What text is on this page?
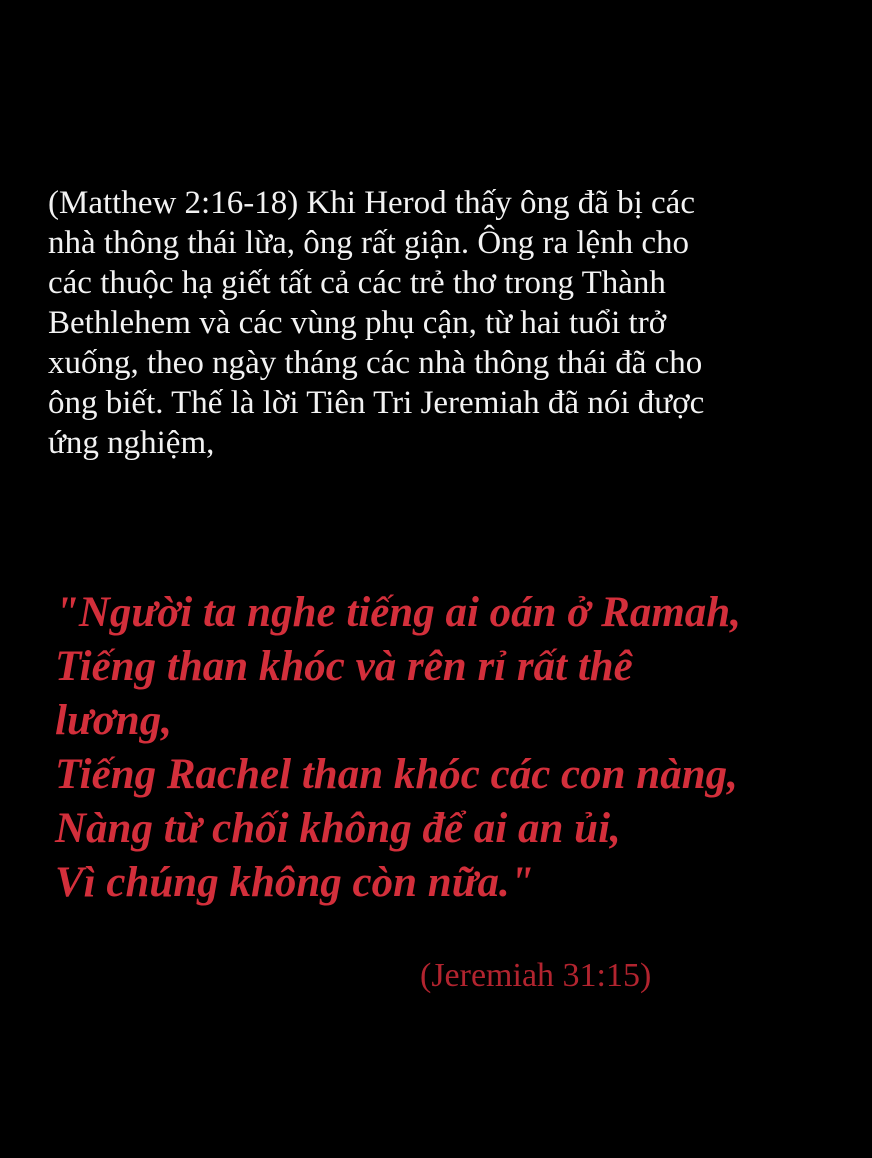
(Matthew 2:16-18) Khi Herod thấy ông đã bị các
nhà thông thái lừa, ông rất giận. Ông ra lệnh cho
các thuộc hạ giết tất cả các trẻ thơ trong Thành
Bethlehem và các vùng phụ cận, từ hai tuổi trở
xuống, theo ngày tháng các nhà thông thái đã cho
ông biết. Thế là lời Tiên Tri Jeremiah đã nói được
ứng nghiệm,
"Người ta nghe tiếng ai oán ở Ramah,
Tiếng than khóc và rên rỉ rất thê
lương,
Tiếng Rachel than khóc các con nàng,
Nàng từ chối không để ai an ủi,
Vì chúng không còn nữa."
(Jeremiah 31:15)
